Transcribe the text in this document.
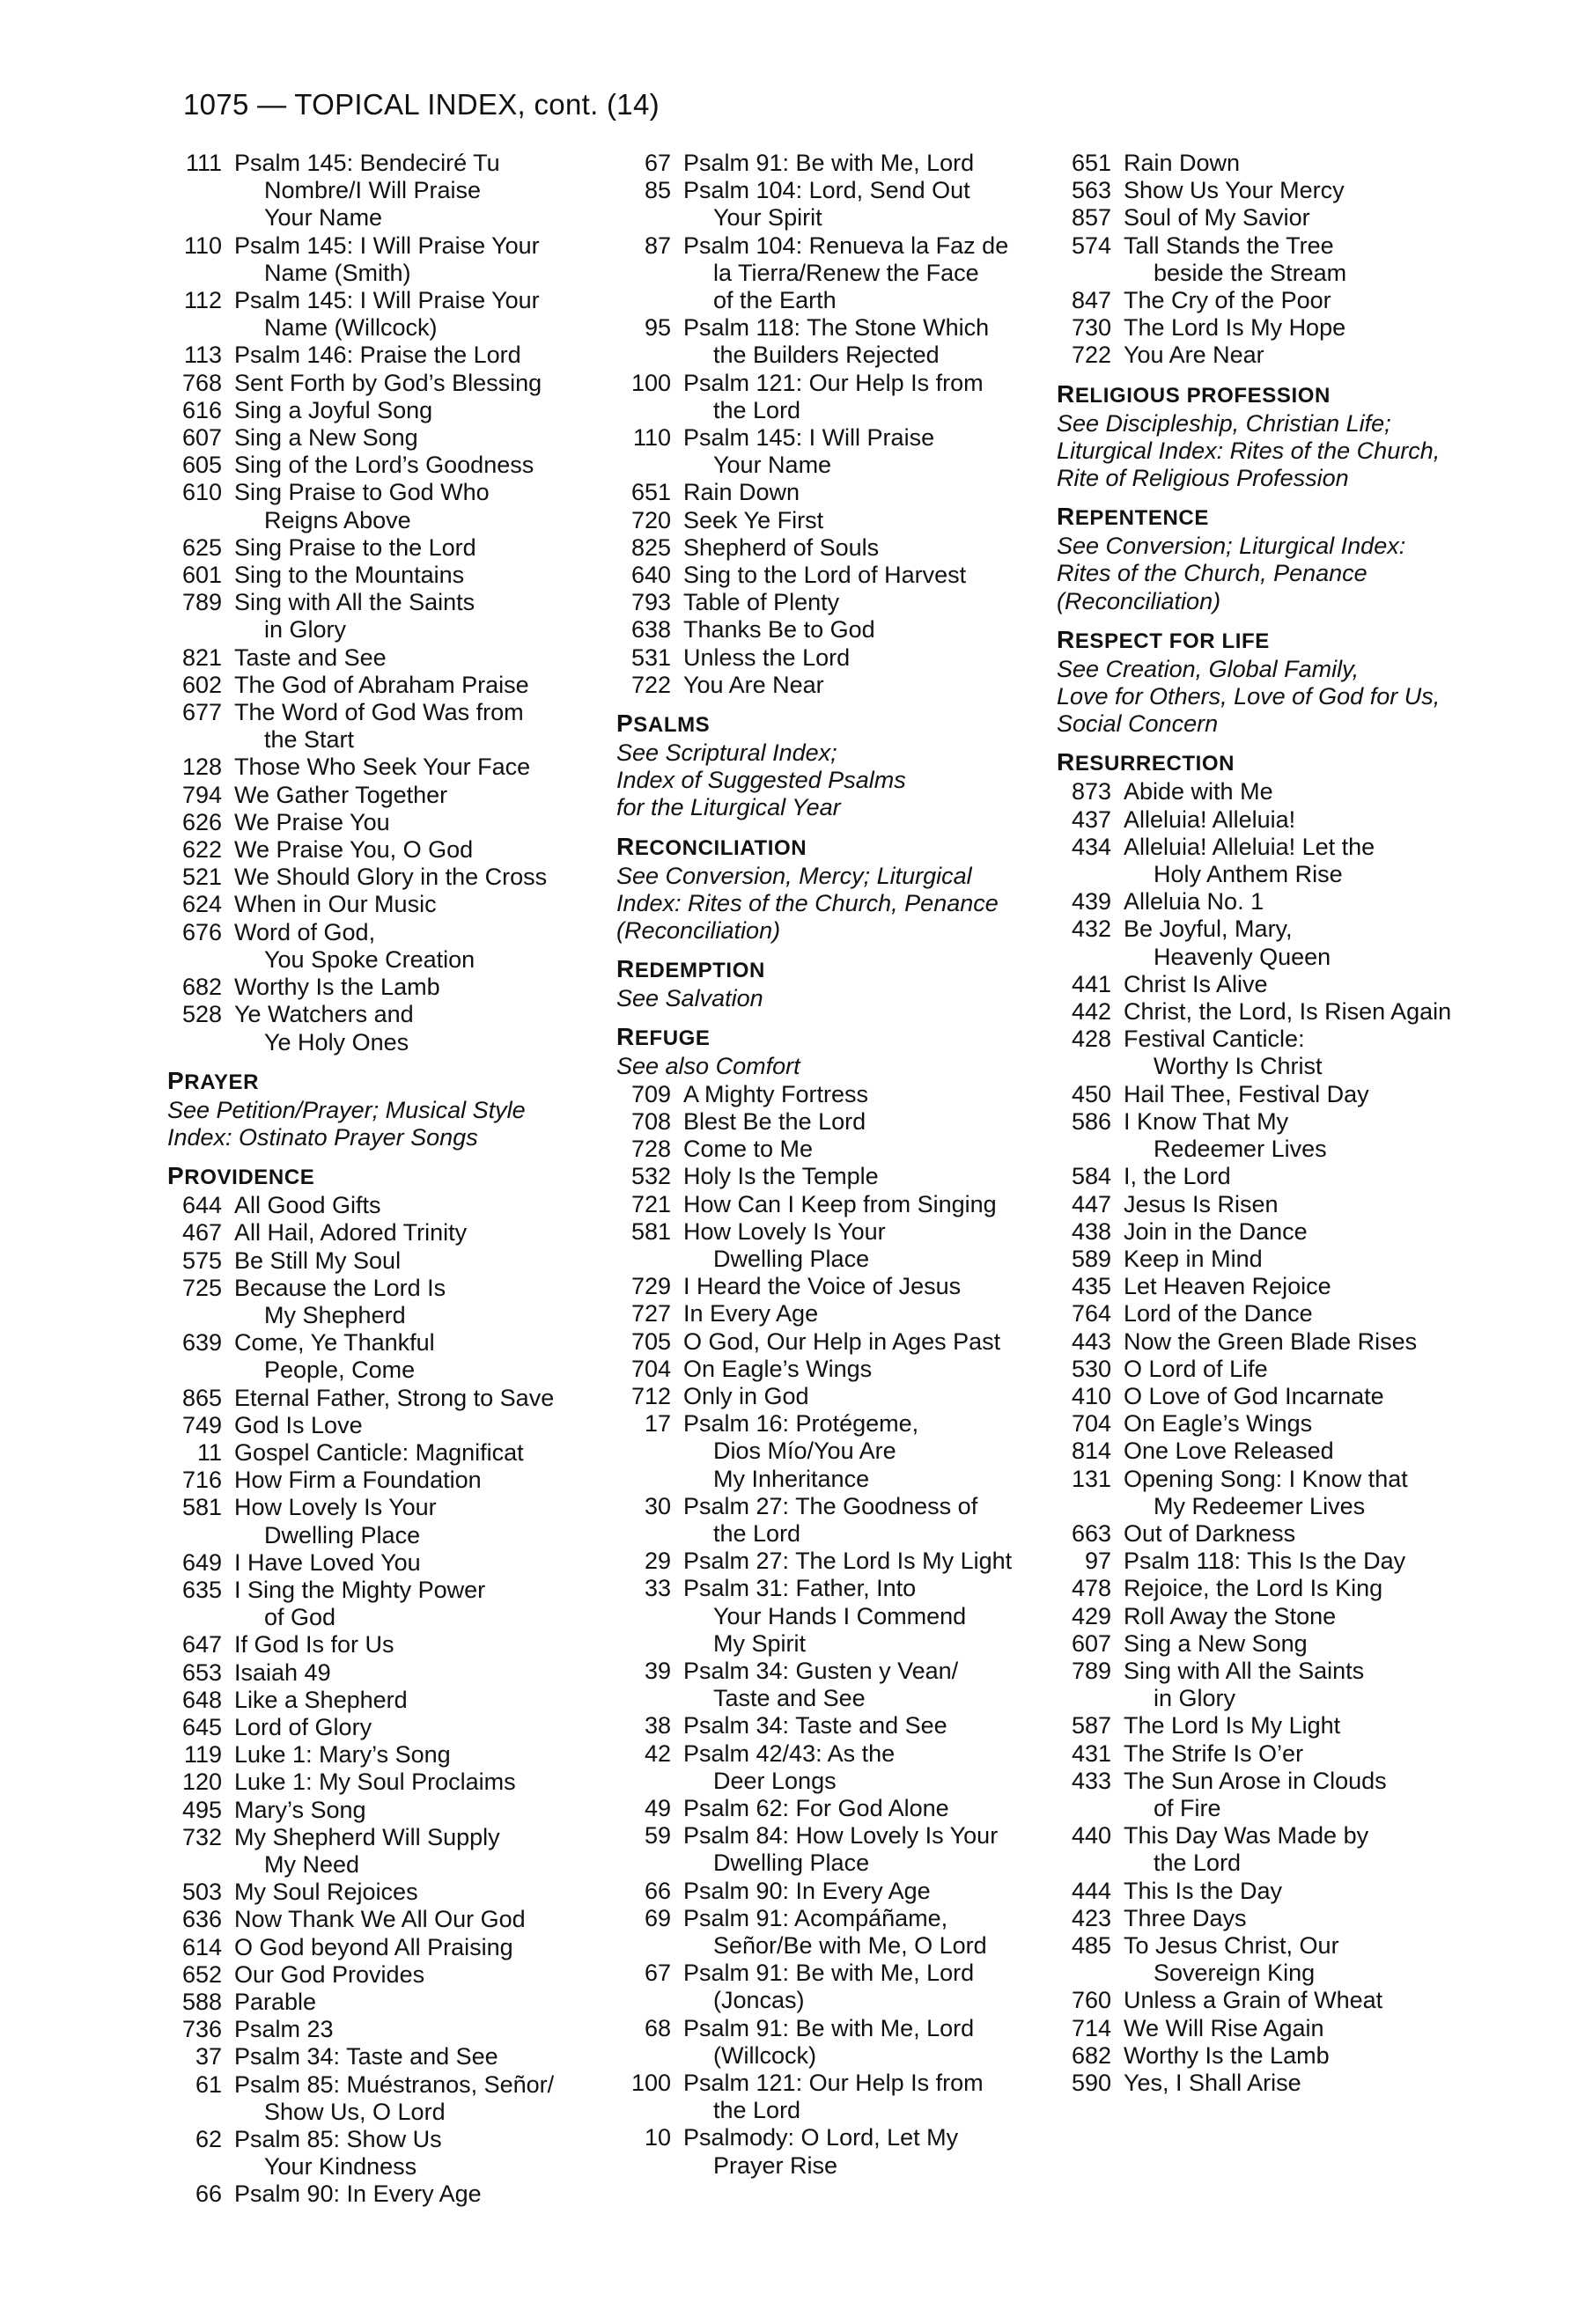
1075 — TOPICAL INDEX, cont. (14)
111 Psalm 145: Bendeciré Tu
Nombre/I Will Praise
Your Name
110 Psalm 145: I Will Praise Your
Name (Smith)
112 Psalm 145: I Will Praise Your
Name (Willcock)
113 Psalm 146: Praise the Lord
768 Sent Forth by God’s Blessing
616 Sing a Joyful Song
607 Sing a New Song
605 Sing of the Lord’s Goodness
610 Sing Praise to God Who
Reigns Above
625 Sing Praise to the Lord
601 Sing to the Mountains
789 Sing with All the Saints
in Glory
821 Taste and See
602 The God of Abraham Praise
677 The Word of God Was from
the Start
128 Those Who Seek Your Face
794 We Gather Together
626 We Praise You
622 We Praise You, O God
521 We Should Glory in the Cross
624 When in Our Music
676 Word of God,
You Spoke Creation
682 Worthy Is the Lamb
528 Ye Watchers and
Ye Holy Ones
PRAYER
See Petition/Prayer; Musical Style
Index: Ostinato Prayer Songs
PROVIDENCE
644 All Good Gifts
467 All Hail, Adored Trinity
575 Be Still My Soul
725 Because the Lord Is
My Shepherd
639 Come, Ye Thankful
People, Come
865 Eternal Father, Strong to Save
749 God Is Love
11 Gospel Canticle: Magnificat
716 How Firm a Foundation
581 How Lovely Is Your
Dwelling Place
649 I Have Loved You
635 I Sing the Mighty Power
of God
647 If God Is for Us
653 Isaiah 49
648 Like a Shepherd
645 Lord of Glory
119 Luke 1: Mary’s Song
120 Luke 1: My Soul Proclaims
495 Mary’s Song
732 My Shepherd Will Supply
My Need
503 My Soul Rejoices
636 Now Thank We All Our God
614 O God beyond All Praising
652 Our God Provides
588 Parable
736 Psalm 23
37 Psalm 34: Taste and See
61 Psalm 85: Muéstranos, Señor/
Show Us, O Lord
62 Psalm 85: Show Us
Your Kindness
66 Psalm 90: In Every Age
67 Psalm 91: Be with Me, Lord
85 Psalm 104: Lord, Send Out
Your Spirit
87 Psalm 104: Renueva la Faz de
la Tierra/Renew the Face
of the Earth
95 Psalm 118: The Stone Which
the Builders Rejected
100 Psalm 121: Our Help Is from
the Lord
110 Psalm 145: I Will Praise
Your Name
651 Rain Down
720 Seek Ye First
825 Shepherd of Souls
640 Sing to the Lord of Harvest
793 Table of Plenty
638 Thanks Be to God
531 Unless the Lord
722 You Are Near
PSALMS
See Scriptural Index;
Index of Suggested Psalms
for the Liturgical Year
RECONCILIATION
See Conversion, Mercy; Liturgical
Index: Rites of the Church, Penance
(Reconciliation)
REDEMPTION
See Salvation
REFUGE
See also Comfort
709 A Mighty Fortress
708 Blest Be the Lord
728 Come to Me
532 Holy Is the Temple
721 How Can I Keep from Singing
581 How Lovely Is Your
Dwelling Place
729 I Heard the Voice of Jesus
727 In Every Age
705 O God, Our Help in Ages Past
704 On Eagle’s Wings
712 Only in God
17 Psalm 16: Protégeme,
Dios Mío/You Are
My Inheritance
30 Psalm 27: The Goodness of
the Lord
29 Psalm 27: The Lord Is My Light
33 Psalm 31: Father, Into
Your Hands I Commend
My Spirit
39 Psalm 34: Gusten y Vean/
Taste and See
38 Psalm 34: Taste and See
42 Psalm 42/43: As the
Deer Longs
49 Psalm 62: For God Alone
59 Psalm 84: How Lovely Is Your
Dwelling Place
66 Psalm 90: In Every Age
69 Psalm 91: Acompáñame,
Señor/Be with Me, O Lord
67 Psalm 91: Be with Me, Lord
(Joncas)
68 Psalm 91: Be with Me, Lord
(Willcock)
100 Psalm 121: Our Help Is from
the Lord
10 Psalmody: O Lord, Let My
Prayer Rise
651 Rain Down
563 Show Us Your Mercy
857 Soul of My Savior
574 Tall Stands the Tree
beside the Stream
847 The Cry of the Poor
730 The Lord Is My Hope
722 You Are Near
RELIGIOUS PROFESSION
See Discipleship, Christian Life;
Liturgical Index: Rites of the Church,
Rite of Religious Profession
REPENTENCE
See Conversion; Liturgical Index:
Rites of the Church, Penance
(Reconciliation)
RESPECT FOR LIFE
See Creation, Global Family,
Love for Others, Love of God for Us,
Social Concern
RESURRECTION
873 Abide with Me
437 Alleluia! Alleluia!
434 Alleluia! Alleluia! Let the
Holy Anthem Rise
439 Alleluia No. 1
432 Be Joyful, Mary,
Heavenly Queen
441 Christ Is Alive
442 Christ, the Lord, Is Risen Again
428 Festival Canticle:
Worthy Is Christ
450 Hail Thee, Festival Day
586 I Know That My
Redeemer Lives
584 I, the Lord
447 Jesus Is Risen
438 Join in the Dance
589 Keep in Mind
435 Let Heaven Rejoice
764 Lord of the Dance
443 Now the Green Blade Rises
530 O Lord of Life
410 O Love of God Incarnate
704 On Eagle’s Wings
814 One Love Released
131 Opening Song: I Know that
My Redeemer Lives
663 Out of Darkness
97 Psalm 118: This Is the Day
478 Rejoice, the Lord Is King
429 Roll Away the Stone
607 Sing a New Song
789 Sing with All the Saints
in Glory
587 The Lord Is My Light
431 The Strife Is O’er
433 The Sun Arose in Clouds
of Fire
440 This Day Was Made by
the Lord
444 This Is the Day
423 Three Days
485 To Jesus Christ, Our
Sovereign King
760 Unless a Grain of Wheat
714 We Will Rise Again
682 Worthy Is the Lamb
590 Yes, I Shall Arise
